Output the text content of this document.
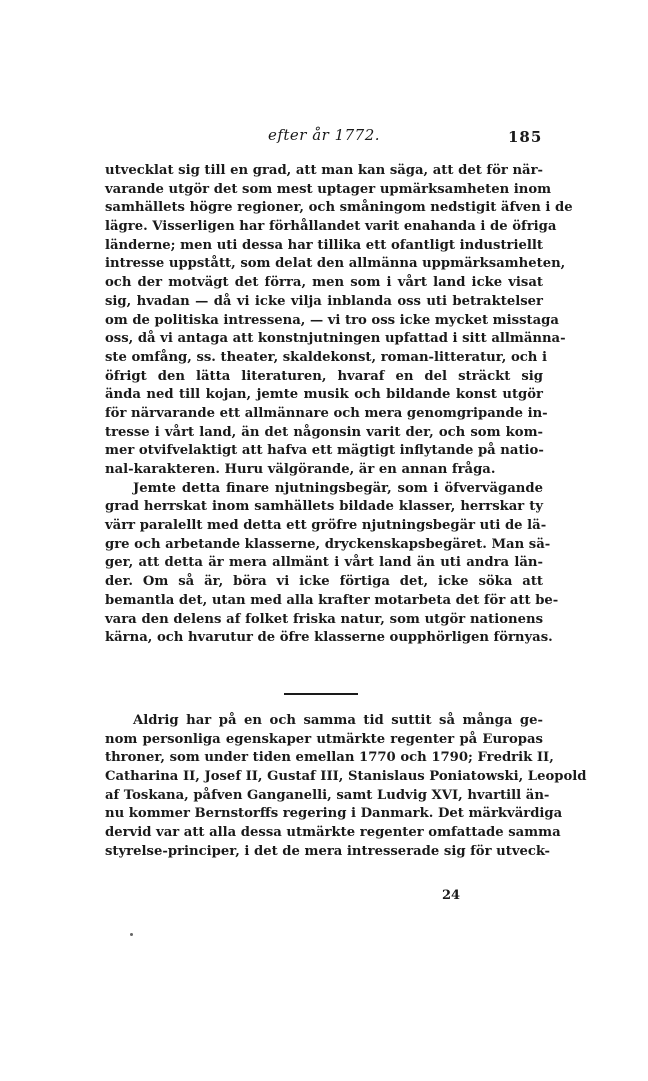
efter år 1772.	185
utvecklat sig till en grad, att man kan säga, att det för när-
varande utgör det som mest uptager upmärksamheten inom
samhällets högre regioner, och småningom nedstigit äfven i de
lägre. Visserligen har förhållandet varit enahanda i de öfriga
länderne; men uti dessa har tillika ett ofantligt industriellt
intresse uppstått, som delat den allmänna uppmärksamheten,
och der motvägt det förra, men som i vårt land icke visat
sig, hvadan — då vi icke vilja inblanda oss uti betraktelser
om de politiska intressena, — vi tro oss icke mycket misstaga
oss, då vi antaga att konstnjutningen upfattad i sitt allmänna-
ste omfång, ss. theater, skaldekonst, roman-litteratur, och i
öfrigt den lätta literaturen, hvaraf en del sträckt sig
ända ned till kojan, jemte musik och bildande konst utgör
för närvarande ett allmännare och mera genomgripande in-
tresse i vårt land, än det någonsin varit der, och som kom-
mer otvifvelaktigt att hafva ett mägtigt inflytande på natio-
nal-karakteren. Huru välgörande, är en annan fråga.
Jemte detta finare njutningsbegär, som i öfvervägande
grad herrskat inom samhällets bildade klasser, herrskar ty
värr paralellt med detta ett gröfre njutningsbegär uti de lä-
gre och arbetande klasserne, dryckenskapsbegäret. Man sä-
ger, att detta är mera allmänt i vårt land än uti andra län-
der. Om så är, böra vi icke förtiga det, icke söka att
bemantla det, utan med alla krafter motarbeta det för att be-
vara den delens af folket friska natur, som utgör nationens
kärna, och hvarutur de öfre klasserne oupphörligen förnyas.
Aldrig har på en och samma tid suttit så många ge-
nom personliga egenskaper utmärkte regenter på Europas
throner, som under tiden emellan 1770 och 1790; Fredrik II,
Catharina II, Josef II, Gustaf III, Stanislaus Poniatowski, Leopold
af Toskana, påfven Ganganelli, samt Ludvig XVI, hvartill än-
nu kommer Bernstorffs regering i Danmark. Det märkvärdiga
dervid var att alla dessa utmärkte regenter omfattade samma
styrelse-principer, i det de mera intresserade sig för utveck-
24
